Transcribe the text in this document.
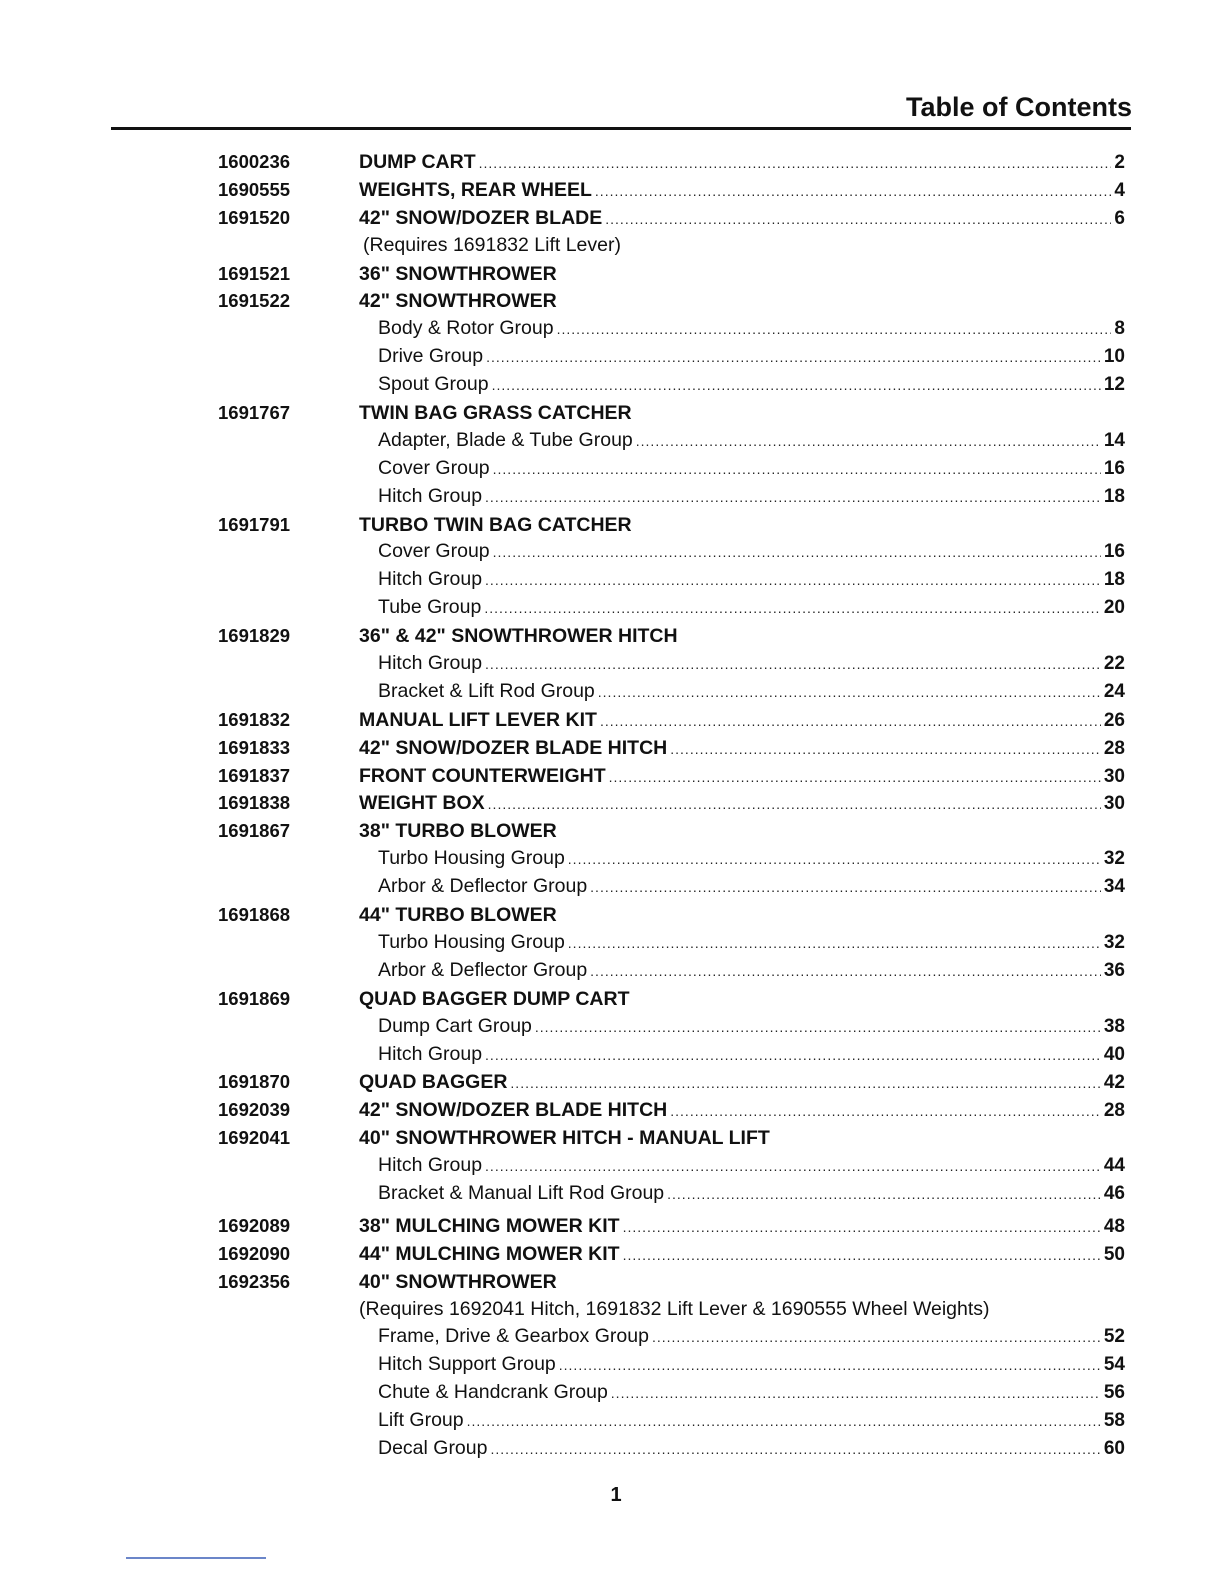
Table of Contents
1600236	DUMP CART .....	2
1690555	WEIGHTS, REAR WHEEL .....	4
1691520	42" SNOW/DOZER BLADE .....	6
(Requires 1691832 Lift Lever)
1691521	36" SNOWTHROWER
1691522	42" SNOWTHROWER
Body & Rotor Group .....	8
Drive Group .....	10
Spout Group .....	12
1691767	TWIN BAG GRASS CATCHER
Adapter, Blade & Tube Group .....	14
Cover Group .....	16
Hitch Group .....	18
1691791	TURBO TWIN BAG CATCHER
Cover Group .....	16
Hitch Group .....	18
Tube Group .....	20
1691829	36" & 42" SNOWTHROWER HITCH
Hitch Group .....	22
Bracket & Lift Rod Group .....	24
1691832	MANUAL LIFT LEVER KIT .....	26
1691833	42" SNOW/DOZER BLADE HITCH .....	28
1691837	FRONT COUNTERWEIGHT .....	30
1691838	WEIGHT BOX .....	30
1691867	38" TURBO BLOWER
Turbo Housing Group .....	32
Arbor & Deflector Group .....	34
1691868	44" TURBO BLOWER
Turbo Housing Group .....	32
Arbor & Deflector Group .....	36
1691869	QUAD BAGGER DUMP CART
Dump Cart Group .....	38
Hitch Group .....	40
1691870	QUAD BAGGER .....	42
1692039	42" SNOW/DOZER BLADE HITCH .....	28
1692041	40" SNOWTHROWER HITCH - MANUAL LIFT
Hitch Group .....	44
Bracket & Manual Lift Rod Group .....	46
1692089	38" MULCHING MOWER KIT .....	48
1692090	44" MULCHING MOWER KIT .....	50
1692356	40" SNOWTHROWER
(Requires 1692041 Hitch, 1691832 Lift Lever & 1690555 Wheel Weights)
Frame, Drive & Gearbox Group .....	52
Hitch Support Group .....	54
Chute & Handcrank Group .....	56
Lift Group .....	58
Decal Group .....	60
1
